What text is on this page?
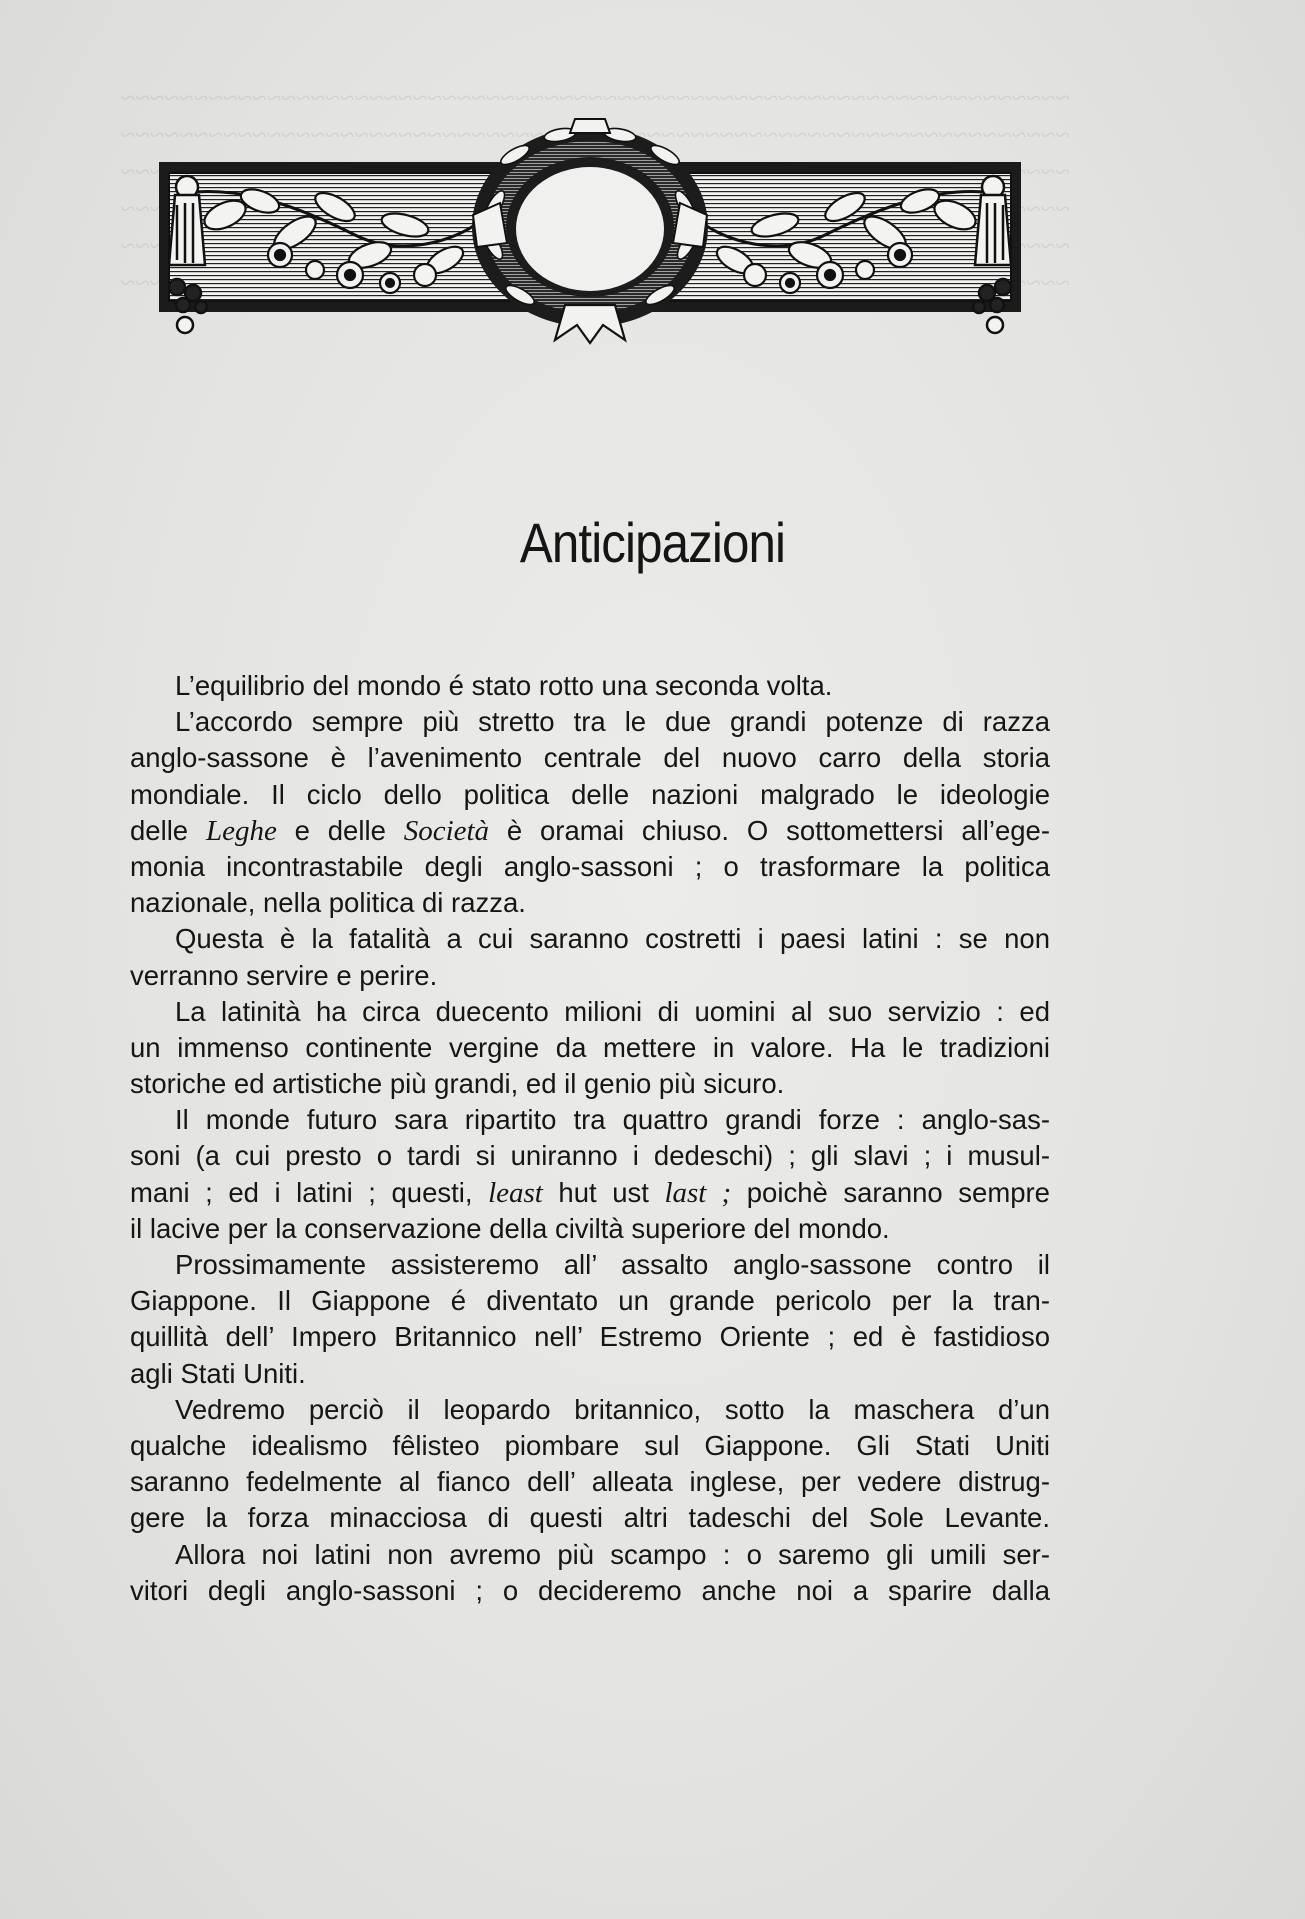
~~~~~~~~~~~~~~~~~~~~~~~~~~~~~~~~~~~~~~~~~~~~~~~~~~~~~~~~~~~~~~~~~

Anticipazioni
L’equilibrio del mondo é stato rotto una seconda volta.
L’accordo sempre più stretto tra le due grandi potenze di razza
anglo-sassone è l’avenimento centrale del nuovo carro della storia
mondiale. Il ciclo dello politica delle nazioni malgrado le ideologie
delle Leghe e delle Società è oramai chiuso. O sottomettersi all’ege-
monia incontrastabile degli anglo-sassoni ; o trasformare la politica
nazionale, nella politica di razza.
Questa è la fatalità a cui saranno costretti i paesi latini : se non
verranno servire e perire.
La latinità ha circa duecento milioni di uomini al suo servizio : ed
un immenso continente vergine da mettere in valore. Ha le tradizioni
storiche ed artistiche più grandi, ed il genio più sicuro.
Il monde futuro sara ripartito tra quattro grandi forze : anglo-sas-
soni (a cui presto o tardi si uniranno i dedeschi) ; gli slavi ; i musul-
mani ; ed i latini ; questi, least hut ust last ; poichè saranno sempre
il lacive per la conservazione della civiltà superiore del mondo.
Prossimamente assisteremo all’ assalto anglo-sassone contro il
Giappone. Il Giappone é diventato un grande pericolo per la tran-
quillità dell’ Impero Britannico nell’ Estremo Oriente ; ed è fastidioso
agli Stati Uniti.
Vedremo perciò il leopardo britannico, sotto la maschera d’un
qualche idealismo fêlisteo piombare sul Giappone. Gli Stati Uniti
saranno fedelmente al fianco dell’ alleata inglese, per vedere distrug-
gere la forza minacciosa di questi altri tadeschi del Sole Levante.
Allora noi latini non avremo più scampo : o saremo gli umili ser-
vitori degli anglo-sassoni ; o decideremo anche noi a sparire dalla
